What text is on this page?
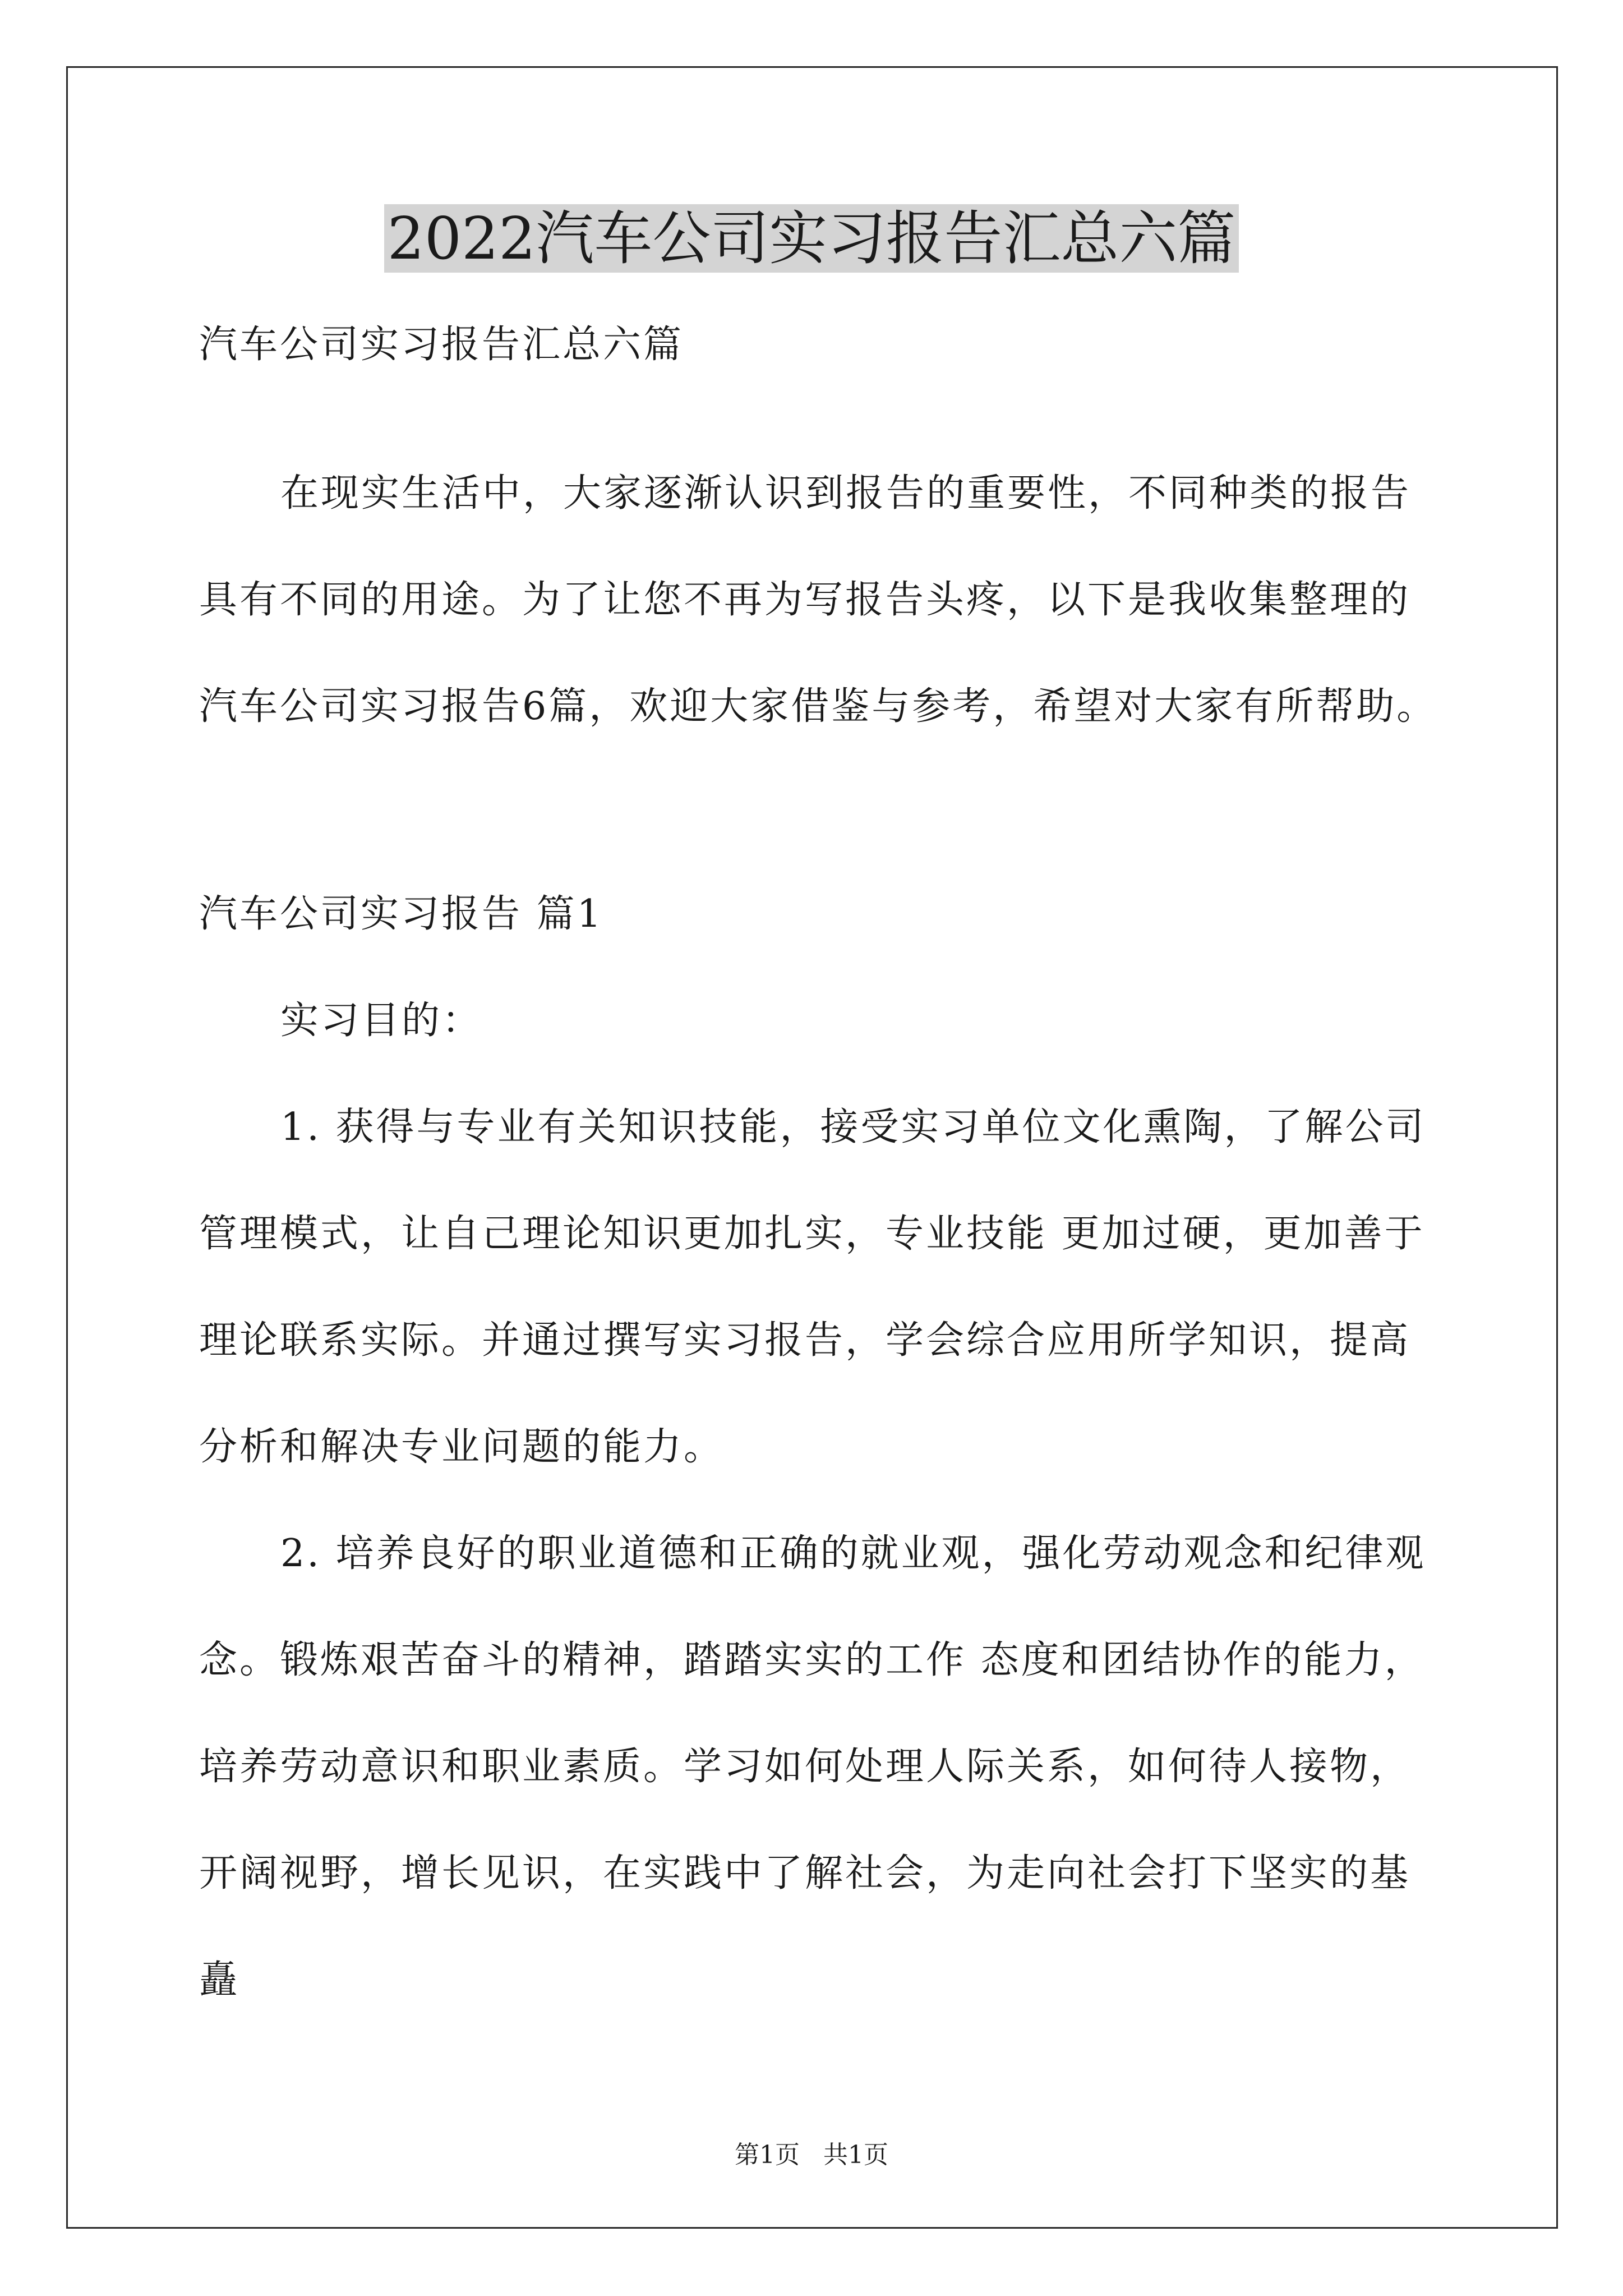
2022汽车公司实习报告汇总六篇

汽车公司实习报告汇总六篇

在现实生活中，大家逐渐认识到报告的重要性，不同种类的报告

具有不同的用途。为了让您不再为写报告头疼，以下是我收集整理的

汽车公司实习报告6篇，欢迎大家借鉴与参考，希望对大家有所帮助。

汽车公司实习报告 篇1

实习目的：

1. 获得与专业有关知识技能，接受实习单位文化熏陶，了解公司

管理模式，让自己理论知识更加扎实，专业技能 更加过硬，更加善于

理论联系实际。并通过撰写实习报告，学会综合应用所学知识，提高

分析和解决专业问题的能力。

2. 培养良好的职业道德和正确的就业观，强化劳动观念和纪律观

念。锻炼艰苦奋斗的精神，踏踏实实的工作 态度和团结协作的能力，

培养劳动意识和职业素质。学习如何处理人际关系，如何待人接物，

开阔视野，增长见识，在实践中了解社会，为走向社会打下坚实的基

矗

第1页   共1页
